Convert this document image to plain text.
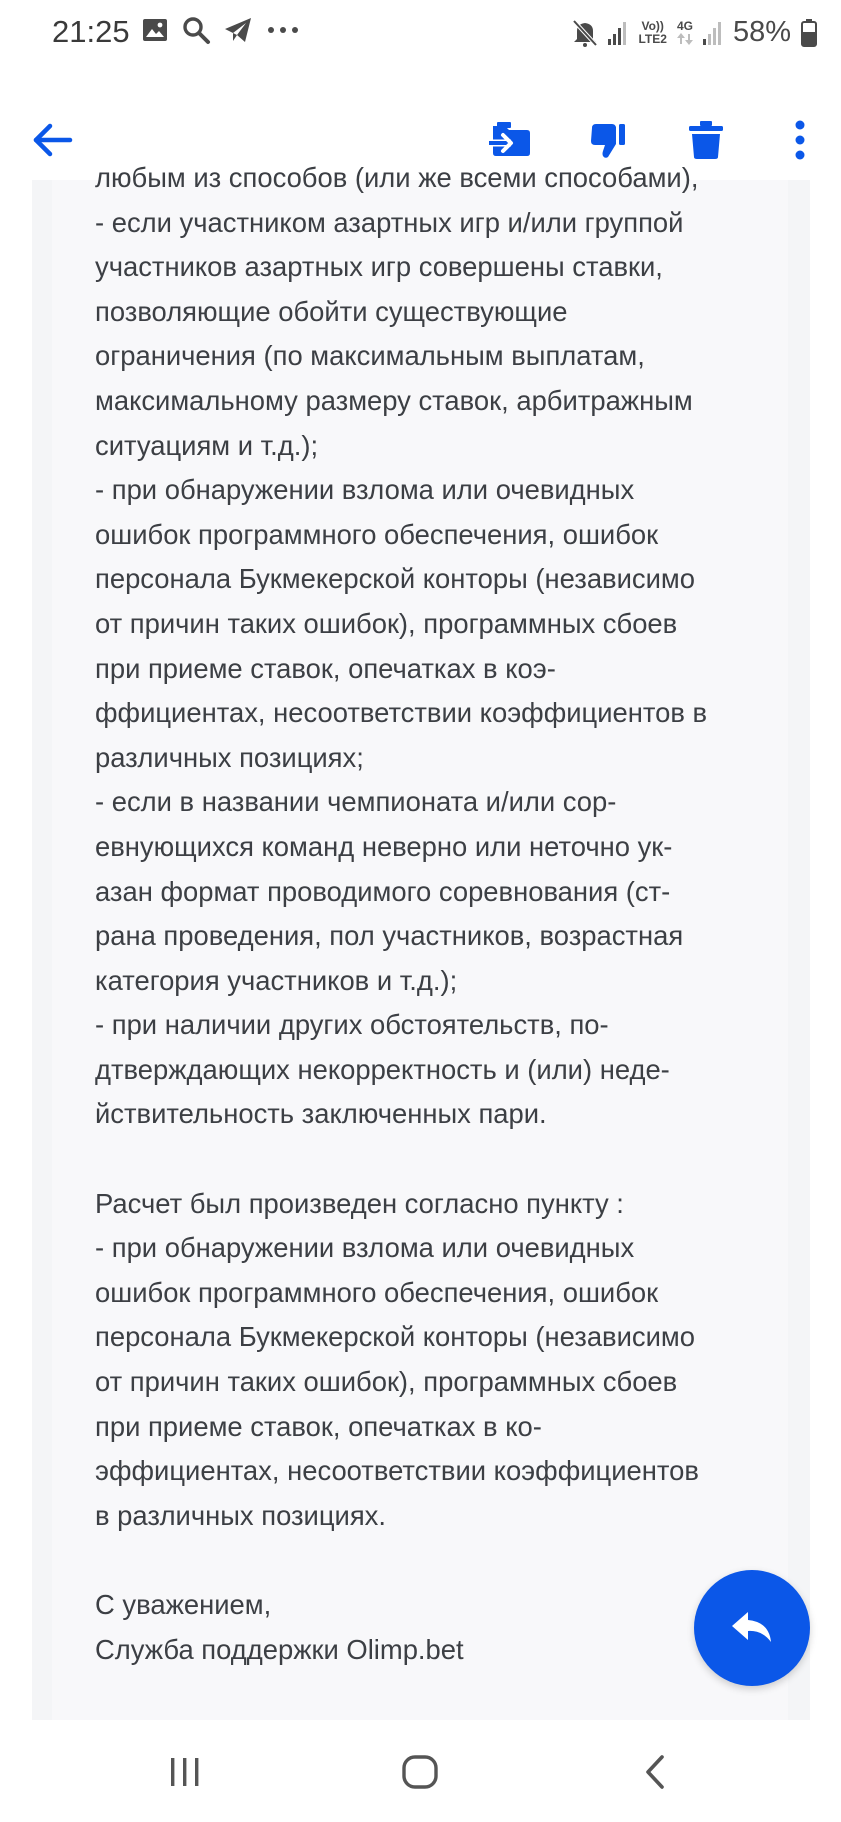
21:25	Vo))
LTE2
4G 58%
любым из способов (или же всеми способами),
- если участником азартных игр и/или группой
участников азартных игр совершены ставки,
позволяющие обойти существующие
ограничения (по максимальным выплатам,
максимальному размеру ставок, арбитражным
ситуациям и т.д.);
- при обнаружении взлома или очевидных
ошибок программного обеспечения, ошибок
персонала Букмекерской конторы (независимо
от причин таких ошибок), программных сбоев
при приеме ставок, опечатках в коэ-
ффициентах, несоответствии коэффициентов в
различных позициях;
- если в названии чемпионата и/или сор-
евнующихся команд неверно или неточно ук-
азан формат проводимого соревнования (ст-
рана проведения, пол участников, возрастная
категория участников и т.д.);
- при наличии других обстоятельств, по-
дтверждающих некорректность и (или) неде-
йствительность заключенных пари.
Расчет был произведен согласно пункту :
- при обнаружении взлома или очевидных
ошибок программного обеспечения, ошибок
персонала Букмекерской конторы (независимо
от причин таких ошибок), программных сбоев
при приеме ставок, опечатках в ко-
эффициентах, несоответствии коэффициентов
в различных позициях.
С уважением,
Служба поддержки Olimp.bet
